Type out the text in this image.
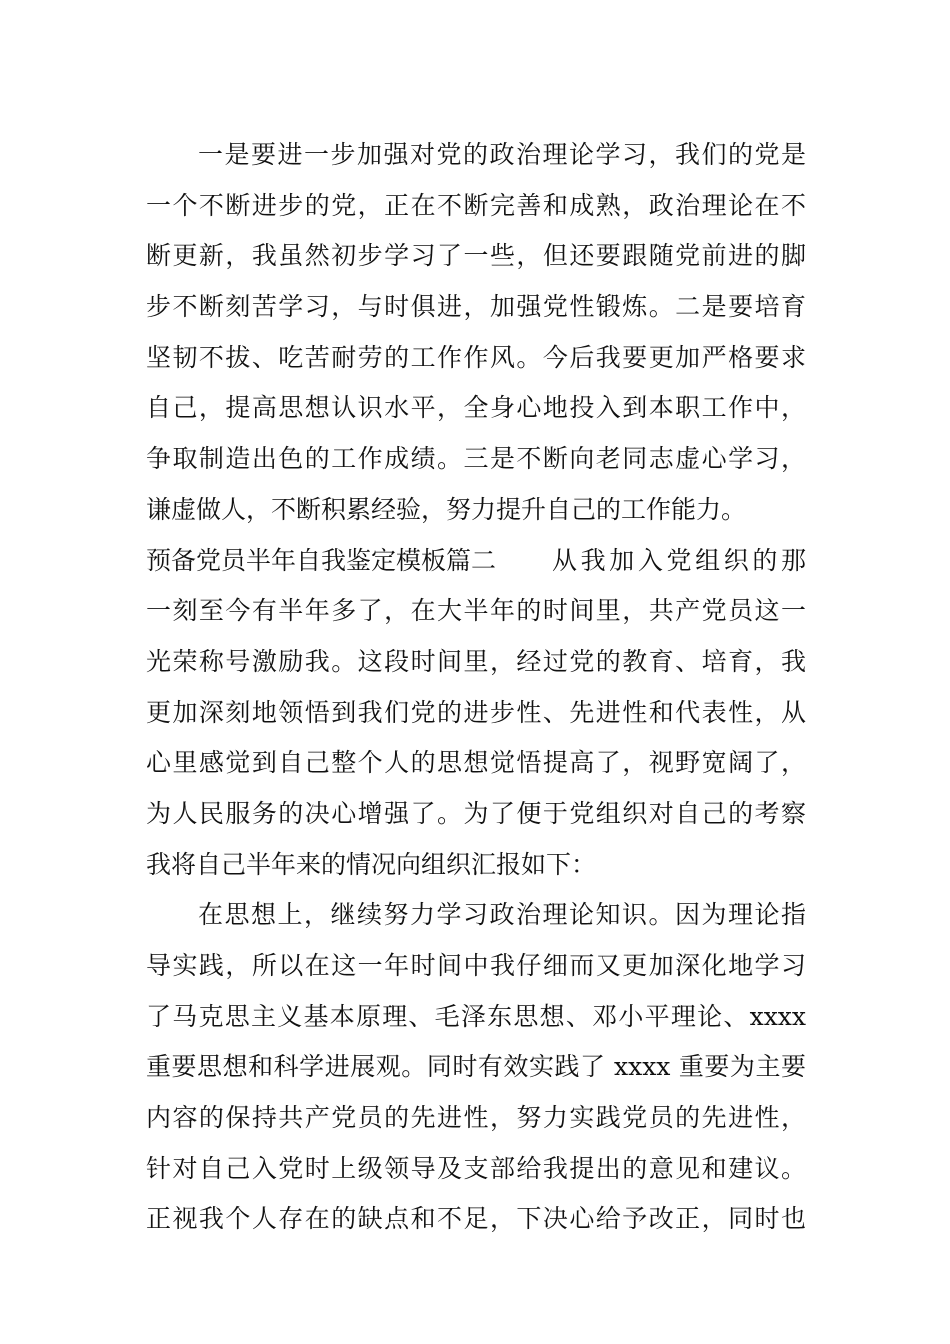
一是要进一步加强对党的政治理论学习，我们的党是
一个不断进步的党，正在不断完善和成熟，政治理论在不
断更新，我虽然初步学习了一些，但还要跟随党前进的脚
步不断刻苦学习，与时俱进，加强党性锻炼。二是要培育
坚韧不拔、吃苦耐劳的工作作风。今后我要更加严格要求
自己，提高思想认识水平，全身心地投入到本职工作中，
争取制造出色的工作成绩。三是不断向老同志虚心学习，
谦虚做人，不断积累经验，努力提升自己的工作能力。
预备党员半年自我鉴定模板篇二	从我加入党组织的那
一刻至今有半年多了，在大半年的时间里，共产党员这一
光荣称号激励我。这段时间里，经过党的教育、培育，我
更加深刻地领悟到我们党的进步性、先进性和代表性，从
心里感觉到自己整个人的思想觉悟提高了，视野宽阔了，
为人民服务的决心增强了。为了便于党组织对自己的考察
我将自己半年来的情况向组织汇报如下：
在思想上，继续努力学习政治理论知识。因为理论指
导实践，所以在这一年时间中我仔细而又更加深化地学习
了马克思主义基本原理、毛泽东思想、邓小平理论、xxxx
重要思想和科学进展观。同时有效实践了 xxxx 重要为主要
内容的保持共产党员的先进性，努力实践党员的先进性，
针对自己入党时上级领导及支部给我提出的意见和建议。
正视我个人存在的缺点和不足，下决心给予改正，同时也
